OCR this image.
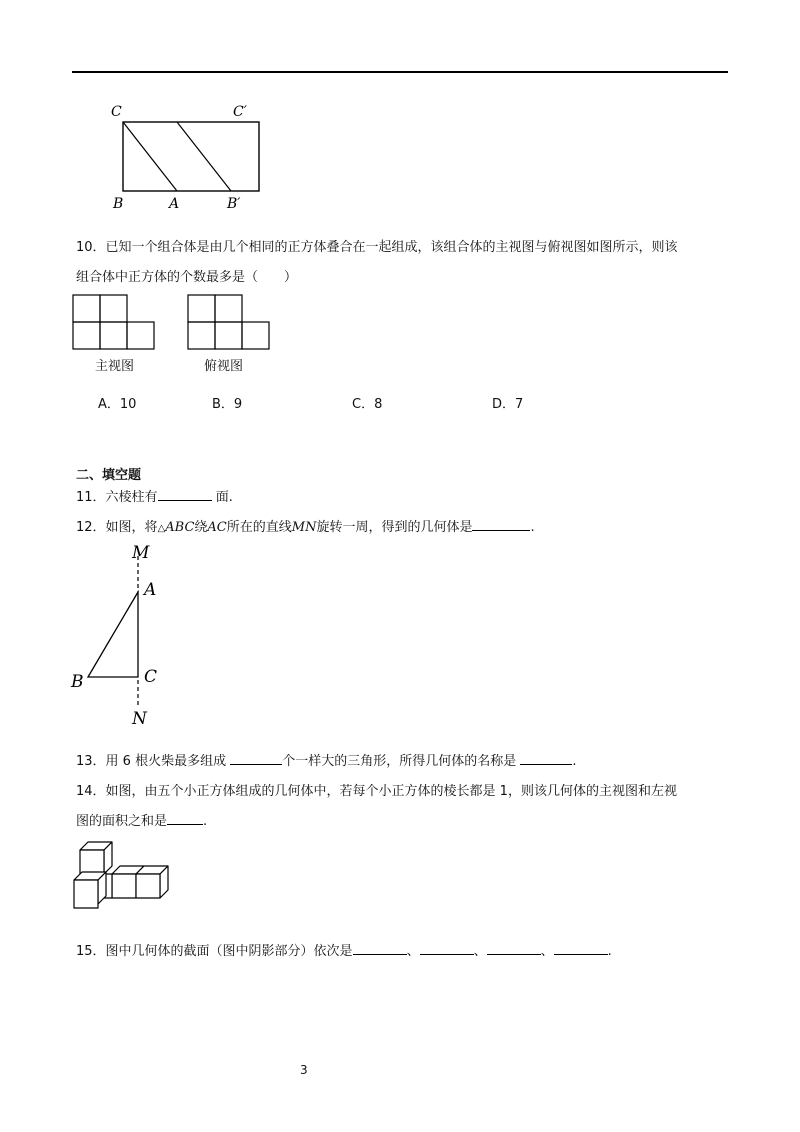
C	C′
B	A	B′
10．已知一个组合体是由几个相同的正方体叠合在一起组成，该组合体的主视图与俯视图如图所示，则该
组合体中正方体的个数最多是（　　）
主视图	俯视图
A．10	B．9	C．8	D．7
二、填空题
11．六棱柱有	面.
12．如图，将△ABC绕AC所在的直线MN旋转一周，得到的几何体是	.
M
A
B	C
N
13．用 6 根火柴最多组成	个一样大的三角形，所得几何体的名称是	.
14．如图，由五个小正方体组成的几何体中，若每个小正方体的棱长都是 1，则该几何体的主视图和左视
图的面积之和是	.
15．图中几何体的截面（图中阴影部分）依次是	、	、	、	.
3
